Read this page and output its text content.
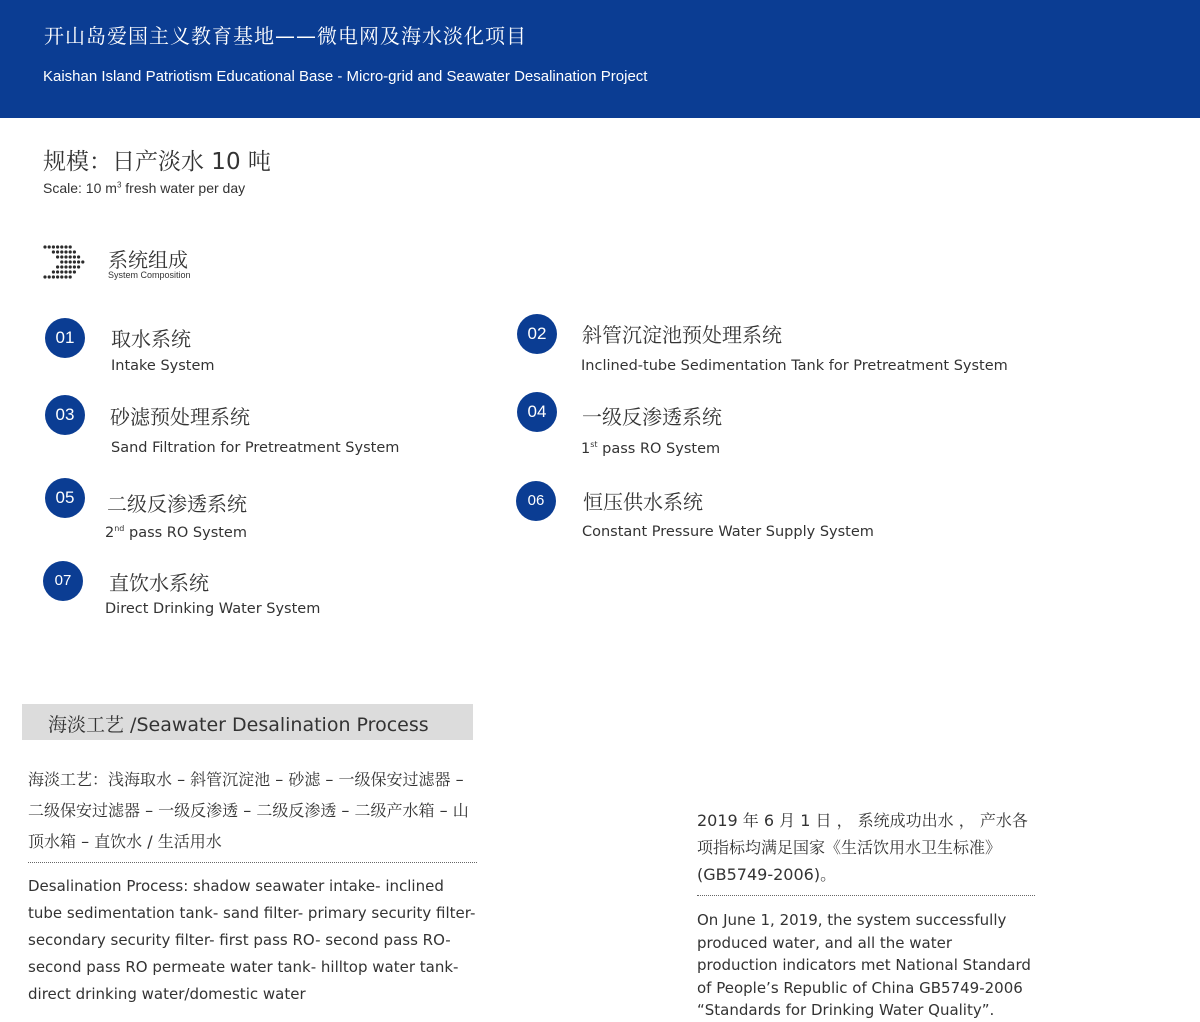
开山岛爱国主义教育基地——微电网及海水淡化项目
Kaishan Island Patriotism Educational Base - Micro-grid and Seawater Desalination Project
规模：日产淡水 10 吨
Scale: 10 $m^3$ fresh water per day
系统组成
System Composition
01	取水系统
Intake System
02	斜管沉淀池预处理系统
Inclined-tube Sedimentation Tank for Pretreatment System
03	砂滤预处理系统
Sand Filtration for Pretreatment System
04	一级反渗透系统
1st pass RO System
05	二级反渗透系统
2nd pass RO System
06	恒压供水系统
Constant Pressure Water Supply System
07	直饮水系统
Direct Drinking Water System
海淡工艺 /Seawater Desalination Process
海淡工艺：浅海取水 – 斜管沉淀池 – 砂滤 – 一级保安过滤器 – 二级保安过滤器 – 一级反渗透 – 二级反渗透 – 二级产水箱 – 山顶水箱 – 直饮水 / 生活用水
Desalination Process: shadow seawater intake- inclined tube sedimentation tank- sand filter- primary security filter- secondary security filter- first pass RO- second pass RO- second pass RO permeate water tank- hilltop water tank- direct drinking water/domestic water
2019 年 6 月 1 日 ， 系统成功出水 ， 产水各项指标均满足国家《生活饮用水卫生标准》(GB5749-2006)。
On June 1, 2019, the system successfully produced water, and all the water production indicators met National Standard of People’s Republic of China GB5749-2006 “Standards for Drinking Water Quality”.
